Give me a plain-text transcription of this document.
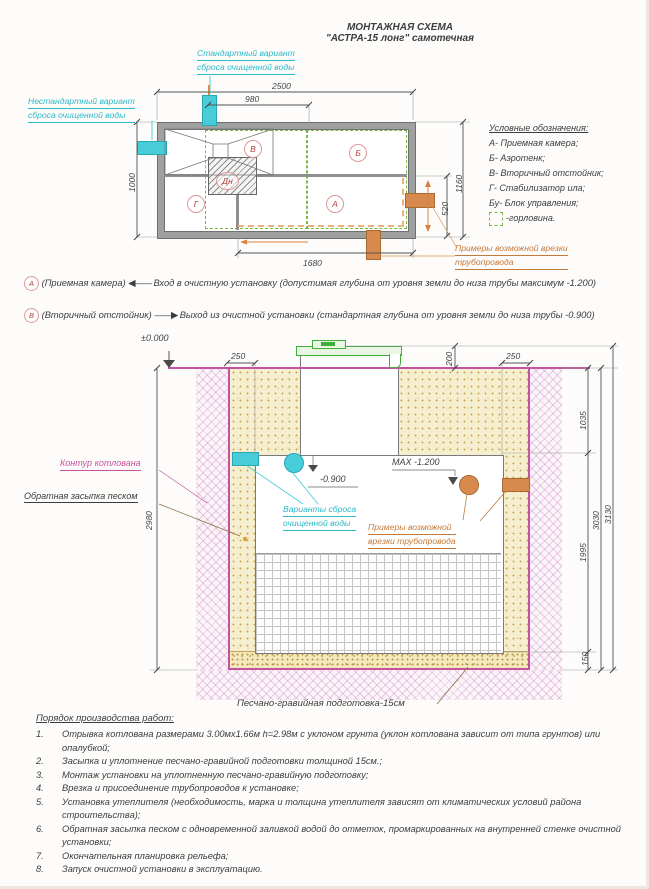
МОНТАЖНАЯ СХЕМА
"АСТРА-15 лонг" самотечная
Стандартный вариант
сброса очищенной воды
Нестандартный вариант
сброса очищенной воды
В	Б
Г	А
Дн
2500
980
1000	1160
520
1680
Примеры возможной врезки
трубопровода
Условные обозначения:
А- Приемная камера;
Б- Аэротенк;
В- Вторичный отстойник;
Г- Стабилизатор ила;
Бу- Блок управления;
-горловина.

А (Приемная камера) ◀—— Вход в очистную установку (допустимая глубина от уровня земли до низа трубы максимум -1.200)

В (Вторичный отстойник) ——▶ Выход из очистной установки (стандартная глубина от уровня земли до низа трубы -0.900)

±0.000
250	250
200
1035
1995
150
3030 3130
2980
-0.900
MAX -1.200
Контур котлована
Обратная засыпка песком
Варианты сброса
очищенной воды	Примеры возможной
врезки трубопровода
Песчано-гравийная подготовка-15см
Порядок производства работ:
1.	Отрывка котлована размерами 3.00мх1.66м h=2.98м с уклоном грунта (уклон котлована зависит от типа грунтов) или опалубкой;
2.	Засыпка и уплотнение песчано-гравийной подготовки толщиной 15см.;
3.	Монтаж установки на уплотненную песчано-гравийную подготовку;
4.	Врезка и присоединение трубопроводов к установке;
5.	Установка утеплителя (необходимость, марка и толщина утеплителя зависят от климатических условий района строительства);
6.	Обратная засыпка песком с одновременной заливкой водой до отметок, промаркированных на внутренней стенке очистной установки;
7.	Окончательная планировка рельефа;
8.	Запуск очистной установки в эксплуатацию.
